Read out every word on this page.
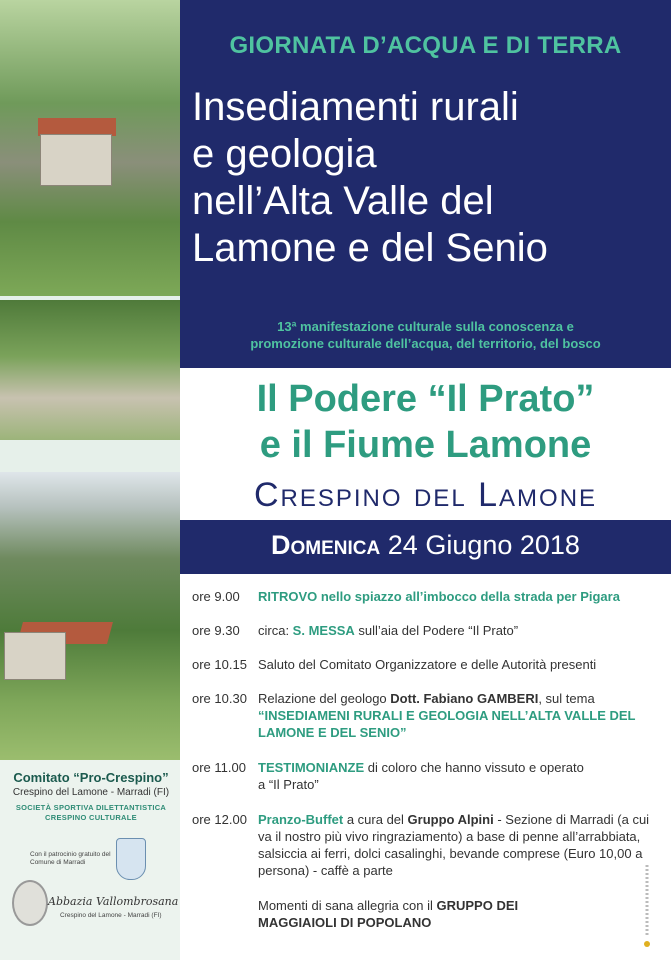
Comitato “Pro-Crespino”
Crespino del Lamone - Marradi (FI)
SOCIETÀ SPORTIVA DILETTANTISTICA
CRESPINO CULTURALE
Con il patrocinio gratuito del Comune di Marradi
Abbazia Vallombrosana
Crespino del Lamone - Marradi (FI)
GIORNATA D’ACQUA E DI TERRA
Insediamenti rurali
e geologia
nell’Alta Valle del
Lamone e del Senio
13ª manifestazione culturale sulla conoscenza e
promozione culturale dell’acqua, del territorio, del bosco
Il Podere “Il Prato”
e il Fiume Lamone
Crespino del Lamone
Domenica 24 Giugno 2018
ore 9.00	RITROVO nello spiazzo all’imbocco della strada per Pigara
ore 9.30	circa: S. MESSA sull’aia del Podere “Il Prato”
ore 10.15 Saluto del Comitato Organizzatore e delle Autorità presenti
ore 10.30 Relazione del geologo Dott. Fabiano GAMBERI, sul tema
“INSEDIAMENI RURALI E GEOLOGIA NELL’ALTA VALLE DEL LAMONE E DEL SENIO”
ore 11.00 TESTIMONIANZE di coloro che hanno vissuto e operato
a “Il Prato”
ore 12.00 Pranzo-Buffet a cura del Gruppo Alpini - Sezione di Marradi (a cui va il nostro più vivo ringraziamento) a base di penne all’arrabbiata, salsiccia ai ferri, dolci casalinghi, bevande comprese (Euro 10,00 a persona) - caffè a parte
Momenti di sana allegria con il GRUPPO DEI MAGGIAIOLI DI POPOLANO
